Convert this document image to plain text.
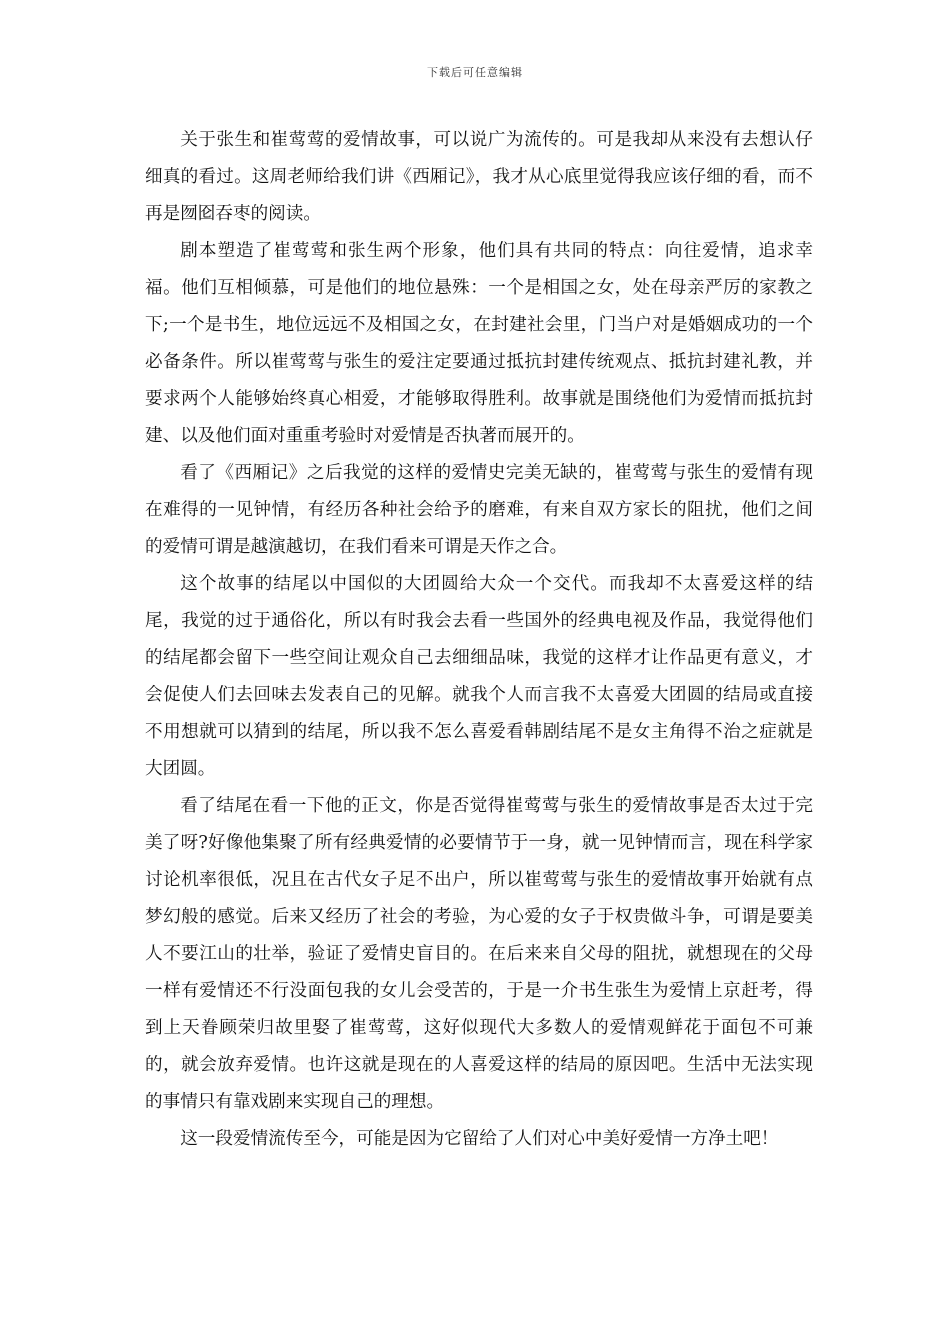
下载后可任意编辑

关于张生和崔莺莺的爱情故事，可以说广为流传的。可是我却从来没有去想认仔细真的看过。这周老师给我们讲《西厢记》，我才从心底里觉得我应该仔细的看，而不再是囫囵吞枣的阅读。

剧本塑造了崔莺莺和张生两个形象，他们具有共同的特点：向往爱情，追求幸福。他们互相倾慕，可是他们的地位悬殊：一个是相国之女，处在母亲严厉的家教之下;一个是书生，地位远远不及相国之女，在封建社会里，门当户对是婚姻成功的一个必备条件。所以崔莺莺与张生的爱注定要通过抵抗封建传统观点、抵抗封建礼教，并要求两个人能够始终真心相爱，才能够取得胜利。故事就是围绕他们为爱情而抵抗封建、以及他们面对重重考验时对爱情是否执著而展开的。

看了《西厢记》之后我觉的这样的爱情史完美无缺的，崔莺莺与张生的爱情有现在难得的一见钟情，有经历各种社会给予的磨难，有来自双方家长的阻扰，他们之间的爱情可谓是越演越切，在我们看来可谓是天作之合。

这个故事的结尾以中国似的大团圆给大众一个交代。而我却不太喜爱这样的结尾，我觉的过于通俗化，所以有时我会去看一些国外的经典电视及作品，我觉得他们的结尾都会留下一些空间让观众自己去细细品味，我觉的这样才让作品更有意义，才会促使人们去回味去发表自己的见解。就我个人而言我不太喜爱大团圆的结局或直接不用想就可以猜到的结尾，所以我不怎么喜爱看韩剧结尾不是女主角得不治之症就是大团圆。

看了结尾在看一下他的正文，你是否觉得崔莺莺与张生的爱情故事是否太过于完美了呀?好像他集聚了所有经典爱情的必要情节于一身，就一见钟情而言，现在科学家讨论机率很低，况且在古代女子足不出户，所以崔莺莺与张生的爱情故事开始就有点梦幻般的感觉。后来又经历了社会的考验，为心爱的女子于权贵做斗争，可谓是要美人不要江山的壮举，验证了爱情史盲目的。在后来来自父母的阻扰，就想现在的父母一样有爱情还不行没面包我的女儿会受苦的，于是一介书生张生为爱情上京赶考，得到上天眷顾荣归故里娶了崔莺莺，这好似现代大多数人的爱情观鲜花于面包不可兼的，就会放弃爱情。也许这就是现在的人喜爱这样的结局的原因吧。生活中无法实现的事情只有靠戏剧来实现自己的理想。

这一段爱情流传至今，可能是因为它留给了人们对心中美好爱情一方净土吧！
